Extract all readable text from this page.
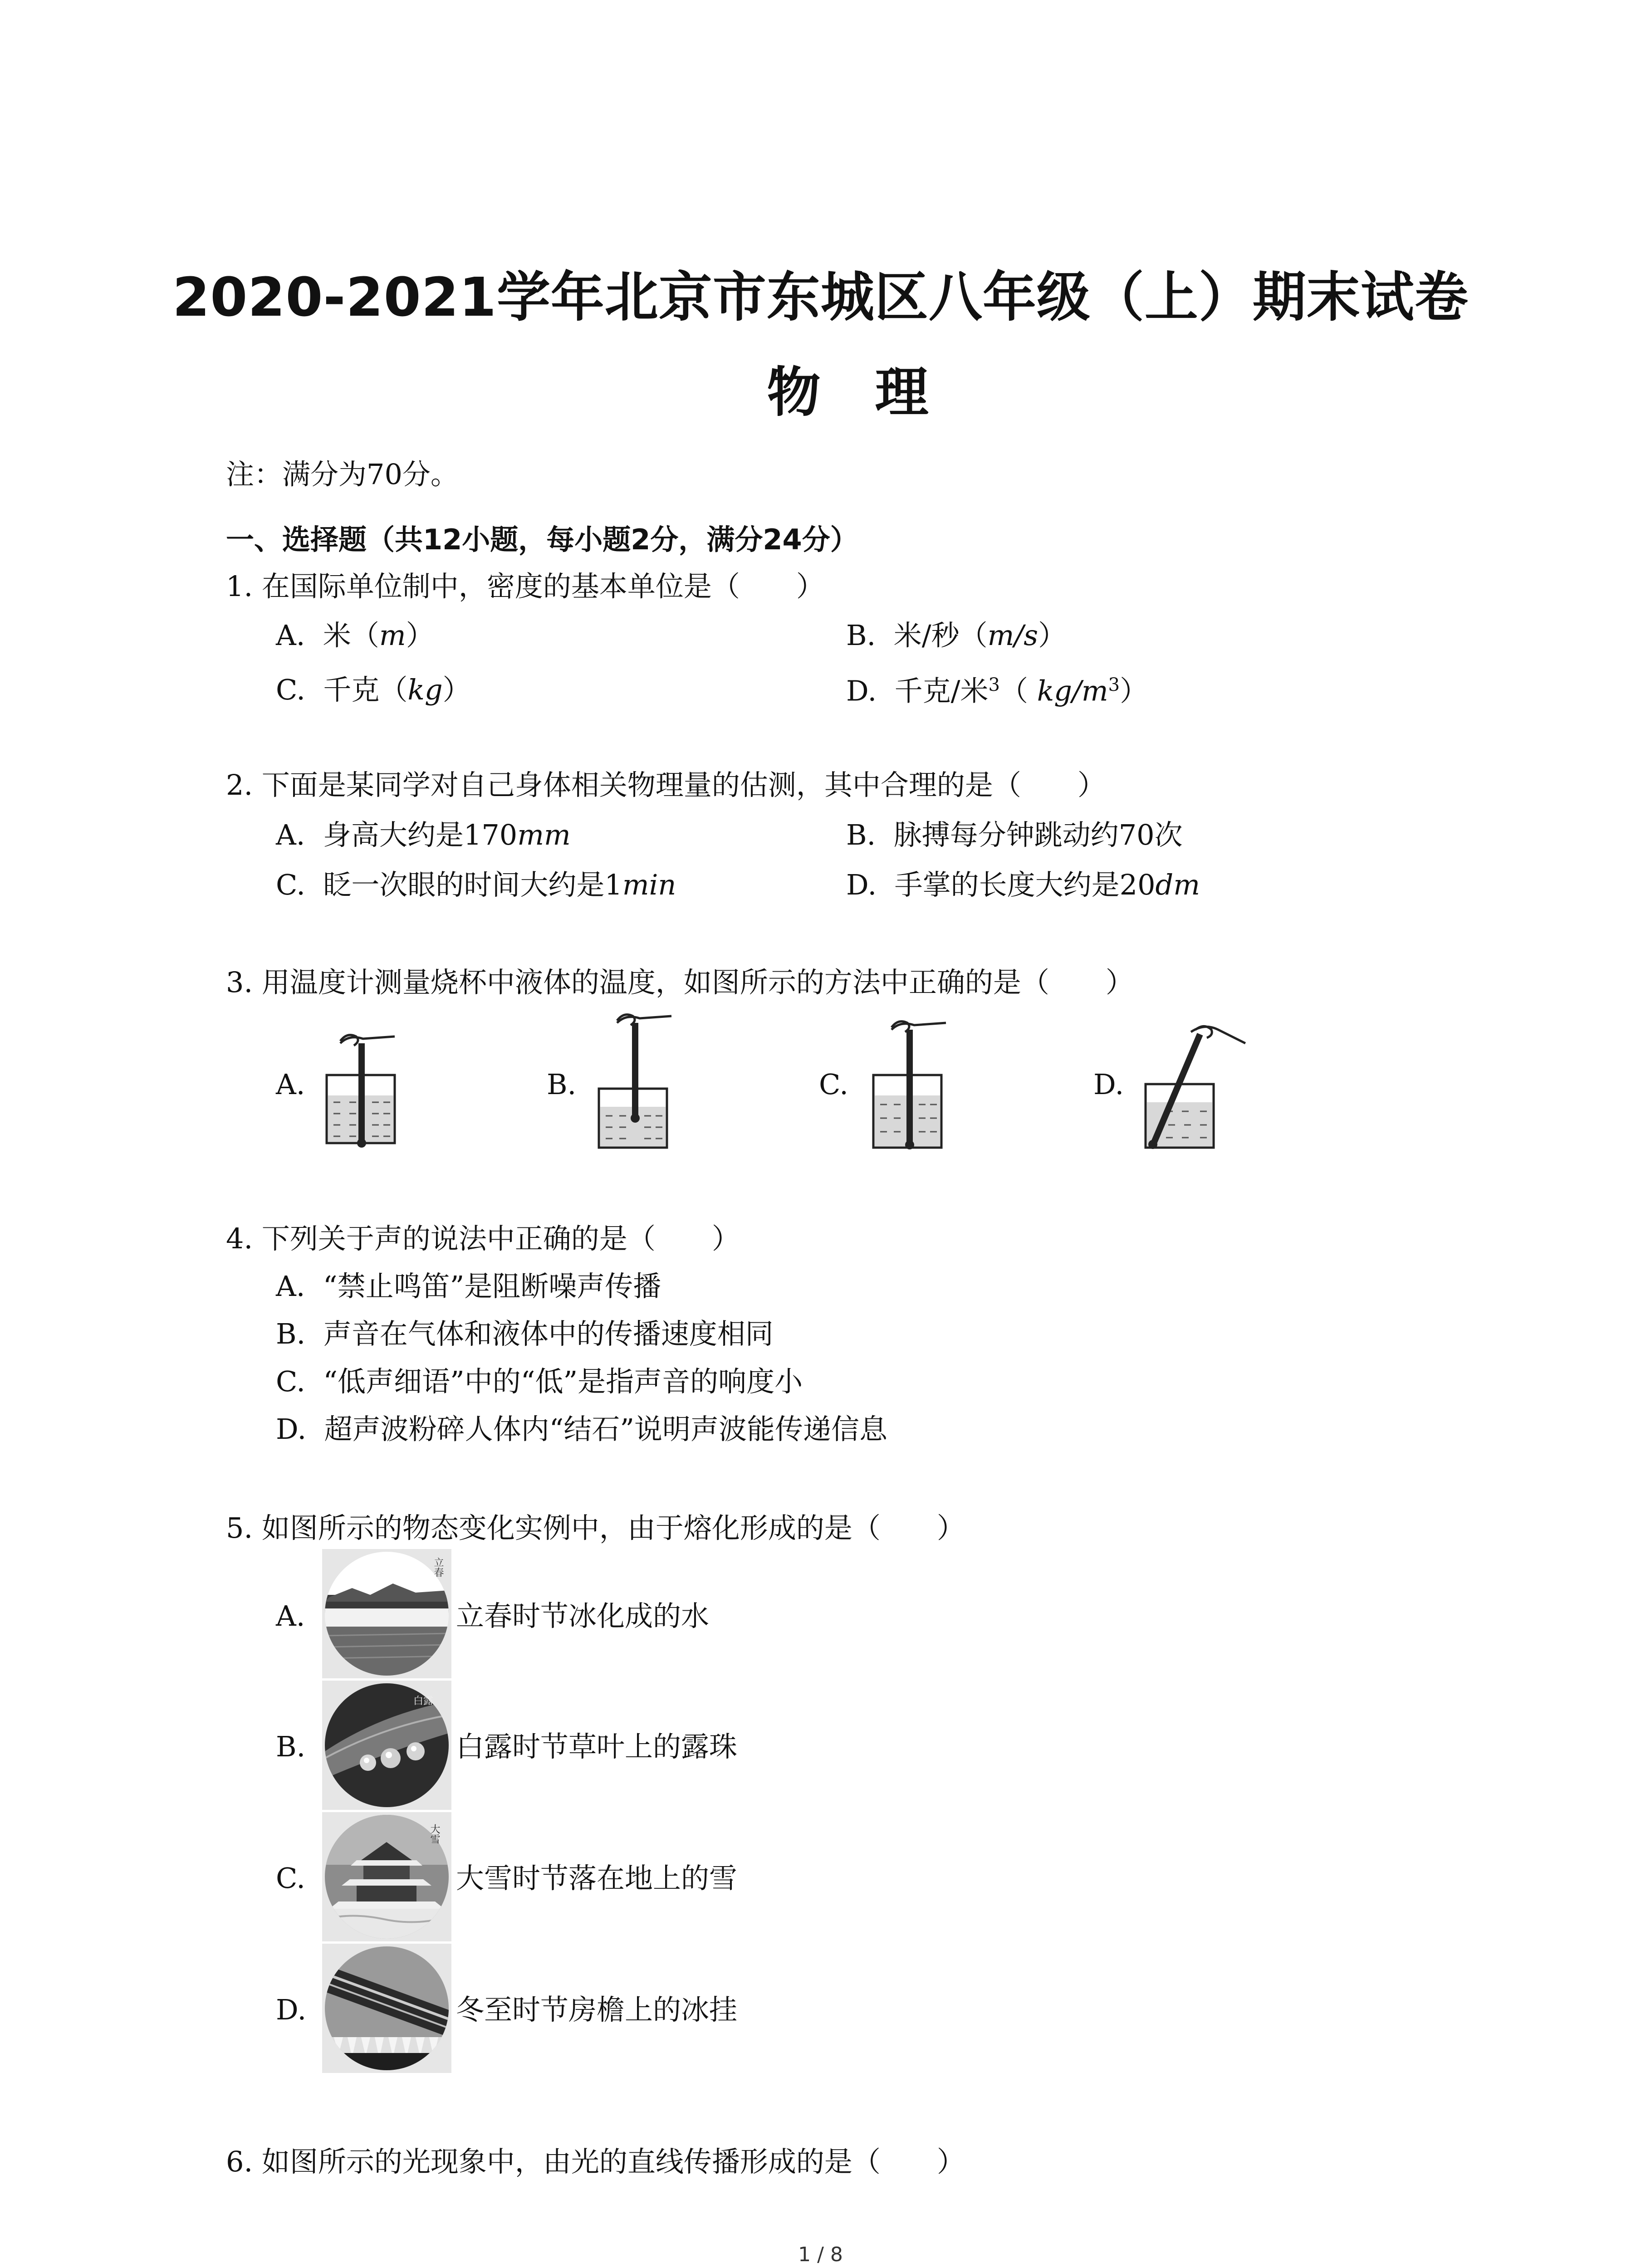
2020-2021学年北京市东城区八年级（上）期末试卷
物理
注：满分为70分。
一、选择题（共12小题，每小题2分，满分24分）
1. 在国际单位制中，密度的基本单位是（　　）
A. 米（m）	B. 米/秒（m/s）
C. 千克（kg）	D. 千克/米$^3$（ $kg/m^3$）
2. 下面是某同学对自己身体相关物理量的估测，其中合理的是（　　）
A. 身高大约是170mm	B. 脉搏每分钟跳动约70次
C. 眨一次眼的时间大约是1min	D. 手掌的长度大约是20dm
3. 用温度计测量烧杯中液体的温度，如图所示的方法中正确的是（　　）
A.	B.	C.	D.
4. 下列关于声的说法中正确的是（　　）
A. “禁止鸣笛”是阻断噪声传播
B. 声音在气体和液体中的传播速度相同
C. “低声细语”中的“低”是指声音的响度小
D. 超声波粉碎人体内“结石”说明声波能传递信息
5. 如图所示的物态变化实例中，由于熔化形成的是（　　）
A.
立春
立春时节冰化成的水
B.
白露
白露时节草叶上的露珠
C.
大雪
大雪时节落在地上的雪
D.	冬至时节房檐上的冰挂
6. 如图所示的光现象中，由光的直线传播形成的是（　　）
1 / 8
